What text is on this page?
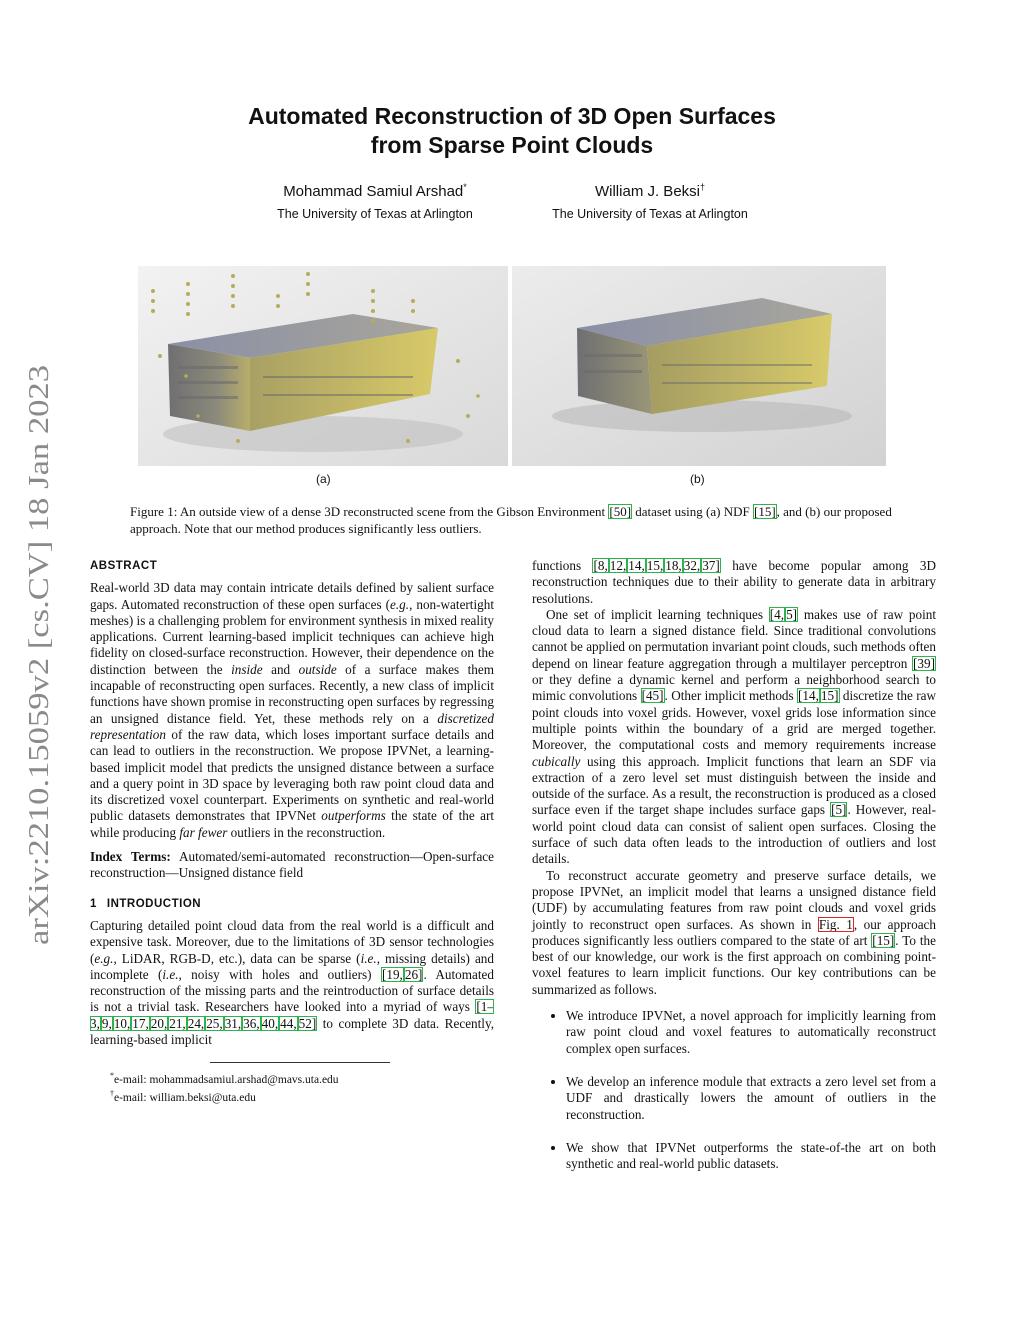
arXiv:2210.15059v2 [cs.CV] 18 Jan 2023
Automated Reconstruction of 3D Open Surfaces
from Sparse Point Clouds
Mohammad Samiul Arshad*
The University of Texas at Arlington
William J. Beksi†
The University of Texas at Arlington
(a)	(b)
Figure 1: An outside view of a dense 3D reconstructed scene from the Gibson Environment [50] dataset using (a) NDF [15], and (b) our proposed approach. Note that our method produces significantly less outliers.
ABSTRACT

Real-world 3D data may contain intricate details defined by salient surface gaps. Automated reconstruction of these open surfaces (e.g., non-watertight meshes) is a challenging problem for environment synthesis in mixed reality applications. Current learning-based implicit techniques can achieve high fidelity on closed-surface reconstruction. However, their dependence on the distinction between the inside and outside of a surface makes them incapable of reconstructing open surfaces. Recently, a new class of implicit functions have shown promise in reconstructing open surfaces by regressing an unsigned distance field. Yet, these methods rely on a discretized representation of the raw data, which loses important surface details and can lead to outliers in the reconstruction. We propose IPVNet, a learning-based implicit model that predicts the unsigned distance between a surface and a query point in 3D space by leveraging both raw point cloud data and its discretized voxel counterpart. Experiments on synthetic and real-world public datasets demonstrates that IPVNet outperforms the state of the art while producing far fewer outliers in the reconstruction.

Index Terms: Automated/semi-automated reconstruction—Open-surface reconstruction—Unsigned distance field

1 INTRODUCTION

Capturing detailed point cloud data from the real world is a difficult and expensive task. Moreover, due to the limitations of 3D sensor technologies (e.g., LiDAR, RGB-D, etc.), data can be sparse (i.e., missing details) and incomplete (i.e., noisy with holes and outliers) [19, 26]. Automated reconstruction of the missing parts and the reintroduction of surface details is not a trivial task. Researchers have looked into a myriad of ways [1–3, 9, 10, 17, 20, 21, 24, 25, 31, 36, 40, 44, 52] to complete 3D data. Recently, learning-based implicit

*e-mail: mohammadsamiul.arshad@mavs.uta.edu
†e-mail: william.beksi@uta.edu

functions [8, 12, 14, 15, 18, 32, 37] have become popular among 3D reconstruction techniques due to their ability to generate data in arbitrary resolutions.

One set of implicit learning techniques [4, 5] makes use of raw point cloud data to learn a signed distance field. Since traditional convolutions cannot be applied on permutation invariant point clouds, such methods often depend on linear feature aggregation through a multilayer perceptron [39] or they define a dynamic kernel and perform a neighborhood search to mimic convolutions [45]. Other implicit methods [14, 15] discretize the raw point clouds into voxel grids. However, voxel grids lose information since multiple points within the boundary of a grid are merged together. Moreover, the computational costs and memory requirements increase cubically using this approach. Implicit functions that learn an SDF via extraction of a zero level set must distinguish between the inside and outside of the surface. As a result, the reconstruction is produced as a closed surface even if the target shape includes surface gaps [5]. However, real-world point cloud data can consist of salient open surfaces. Closing the surface of such data often leads to the introduction of outliers and lost details.

To reconstruct accurate geometry and preserve surface details, we propose IPVNet, an implicit model that learns a unsigned distance field (UDF) by accumulating features from raw point clouds and voxel grids jointly to reconstruct open surfaces. As shown in Fig. 1, our approach produces significantly less outliers compared to the state of art [15]. To the best of our knowledge, our work is the first approach on combining point-voxel features to learn implicit functions. Our key contributions can be summarized as follows.

• We introduce IPVNet, a novel approach for implicitly learning from raw point cloud and voxel features to automatically reconstruct complex open surfaces.
• We develop an inference module that extracts a zero level set from a UDF and drastically lowers the amount of outliers in the reconstruction.
• We show that IPVNet outperforms the state-of-the art on both synthetic and real-world public datasets.
